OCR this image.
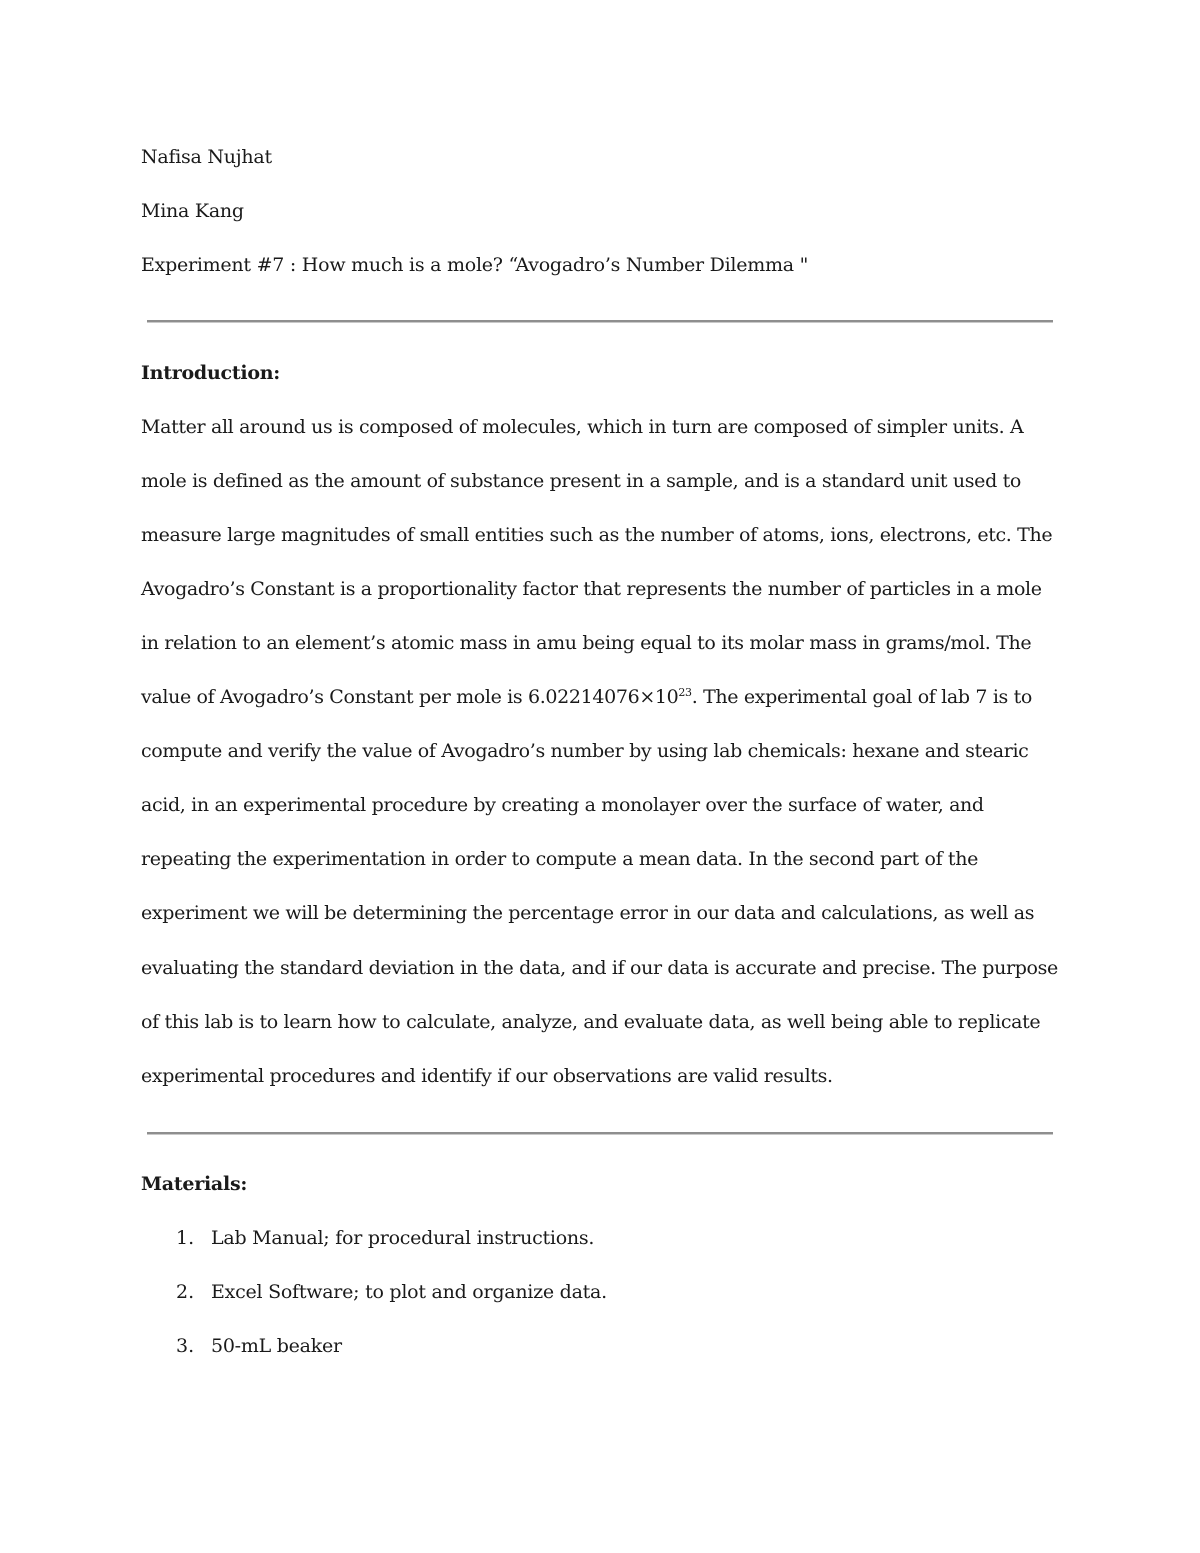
Nafisa Nujhat
Mina Kang
Experiment #7 : How much is a mole? “Avogadro’s Number Dilemma "
Introduction:
Matter all around us is composed of molecules, which in turn are composed of simpler units. A
mole is defined as the amount of substance present in a sample, and is a standard unit used to
measure large magnitudes of small entities such as the number of atoms, ions, electrons, etc. The
Avogadro’s Constant is a proportionality factor that represents the number of particles in a mole
in relation to an element’s atomic mass in amu being equal to its molar mass in grams/mol. The
value of Avogadro’s Constant per mole is $6.02214076\times 10^{23}$. The experimental goal of lab 7 is to
compute and verify the value of Avogadro’s number by using lab chemicals: hexane and stearic
acid, in an experimental procedure by creating a monolayer over the surface of water, and
repeating the experimentation in order to compute a mean data. In the second part of the
experiment we will be determining the percentage error in our data and calculations, as well as
evaluating the standard deviation in the data, and if our data is accurate and precise. The purpose
of this lab is to learn how to calculate, analyze, and evaluate data, as well being able to replicate
experimental procedures and identify if our observations are valid results.
Materials:
1. Lab Manual; for procedural instructions.
2. Excel Software; to plot and organize data.
3. 50-mL beaker
